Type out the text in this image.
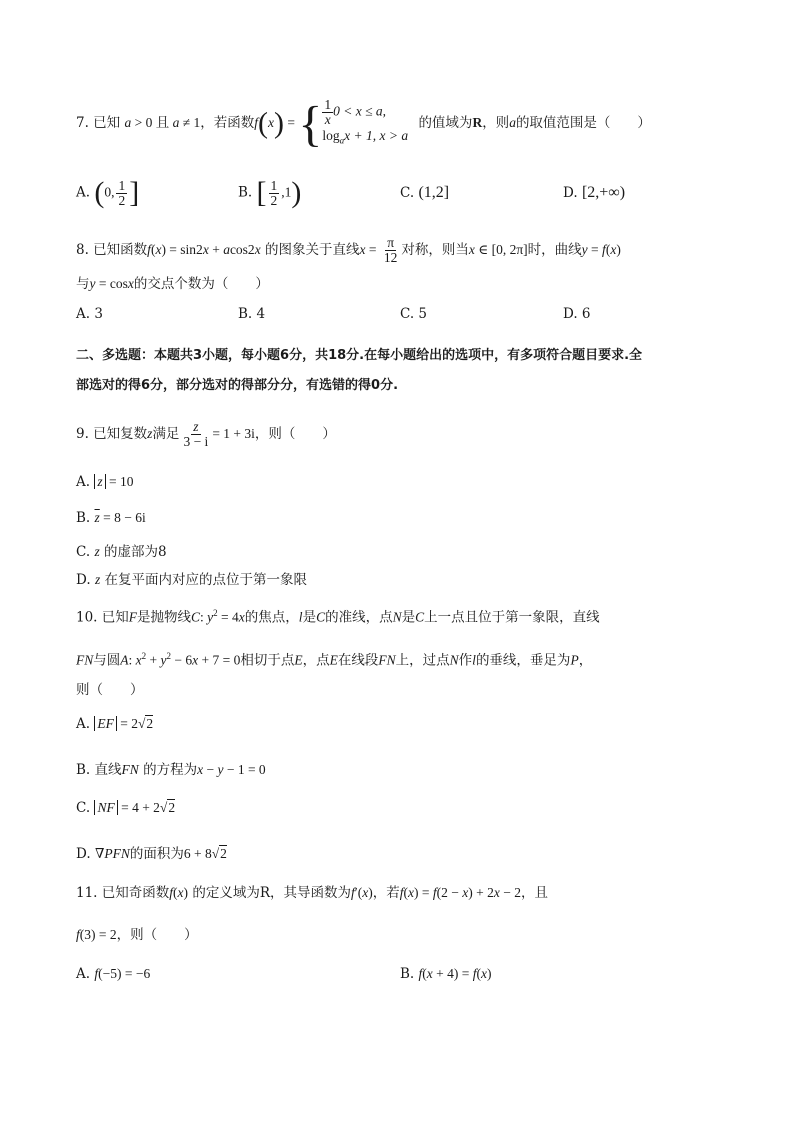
7. 已知 a > 0 且 a ≠ 1，若函数f(x) = { $\frac{1}{x} 0 < x \le a$,
$\log_ax + 1$, x > a
的值域为R，则a的取值范围是（　　）
A. (0, $\frac{1}{2}$ ]	B. [ $\frac{1}{2} ,1$)	C. (1,2]	D. [2,+∞)
8. 已知函数f(x) = sin2x + acos2x 的图象关于直线$x = \frac{\pi}{12}$ 对称，则当x ∈ [0, 2π]时，曲线y = f(x)
与y = cosx的交点个数为（　　）
A. 3	B. 4	C. 5	D. 6
二、多选题：本题共3小题，每小题6分，共18分.在每小题给出的选项中，有多项符合题目要求.全
部选对的得6分，部分选对的得部分分，有选错的得0分.
9. 已知复数z满足 $\frac{z}{3 - i} = 1 + 3i$，则（　　）
A. z = 10
B. $\overline{z} = 8 - 6i$
C. z 的虚部为8
D. z 在复平面内对应的点位于第一象限
10. 已知F是抛物线C: $y^2 = 4x$的焦点，l是C的准线，点N是C上一点且位于第一象限，直线
FN与圆A: $x^2 + y^2 - 6x + 7 = 0$相切于点E，点E在线段FN上，过点N作l的垂线，垂足为P，
则（　　）
A. EF = 2√2
B. 直线FN 的方程为x − y − 1 = 0
C. NF = 4 + 2√2
D. ∇PFN的面积为6 + 8√2
11. 已知奇函数f(x) 的定义域为R，其导函数为f′(x)，若f(x) = f(2 − x) + 2x − 2，且
f(3) = 2，则（　　）
A. f(−5) = −6	B. f(x + 4) = f(x)
